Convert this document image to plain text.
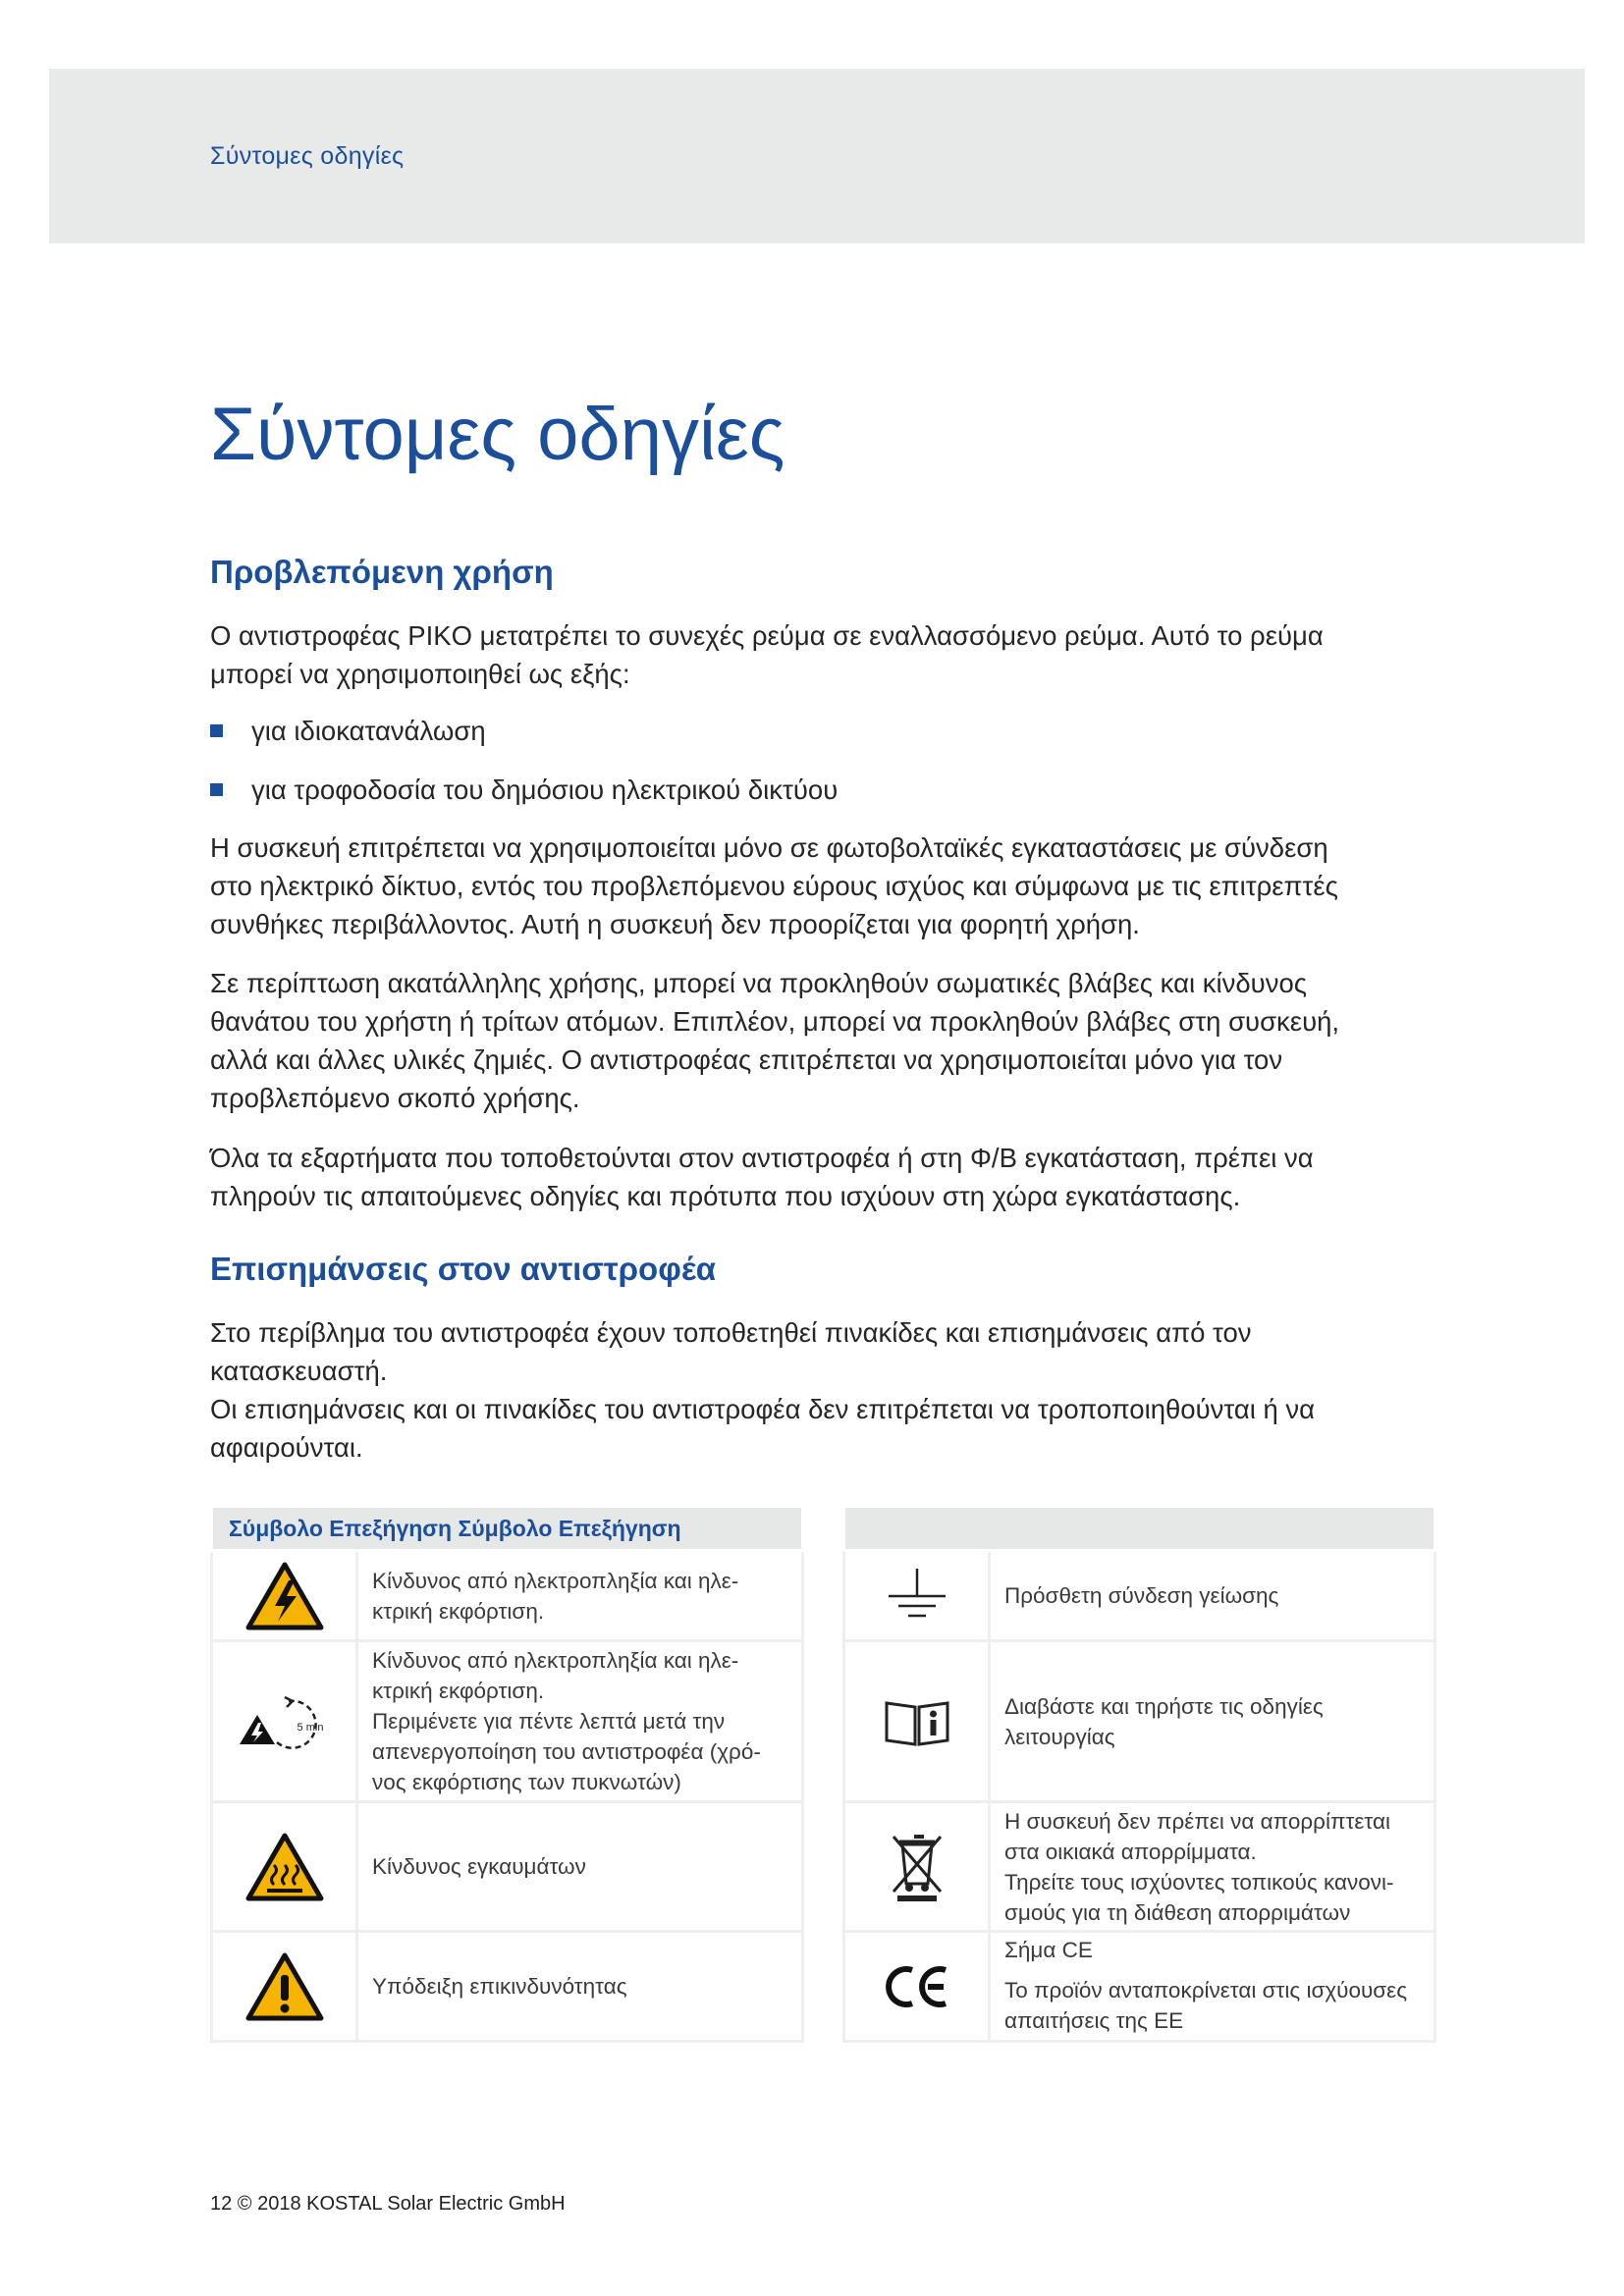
Σύντομες οδηγίες
Σύντομες οδηγίες
Προβλεπόμενη χρήση

Ο αντιστροφέας PIKO μετατρέπει το συνεχές ρεύμα σε εναλλασσόμενο ρεύμα. Αυτό το ρεύμα
μπορεί να χρησιμοποιηθεί ως εξής:

για ιδιοκατανάλωση
για τροφοδοσία του δημόσιου ηλεκτρικού δικτύου

Η συσκευή επιτρέπεται να χρησιμοποιείται μόνο σε φωτοβολταϊκές εγκαταστάσεις με σύνδεση
στο ηλεκτρικό δίκτυο, εντός του προβλεπόμενου εύρους ισχύος και σύμφωνα με τις επιτρεπτές
συνθήκες περιβάλλοντος. Αυτή η συσκευή δεν προορίζεται για φορητή χρήση.

Σε περίπτωση ακατάλληλης χρήσης, μπορεί να προκληθούν σωματικές βλάβες και κίνδυνος
θανάτου του χρήστη ή τρίτων ατόμων. Επιπλέον, μπορεί να προκληθούν βλάβες στη συσκευή,
αλλά και άλλες υλικές ζημιές. Ο αντιστροφέας επιτρέπεται να χρησιμοποιείται μόνο για τον
προβλεπόμενο σκοπό χρήσης.

Όλα τα εξαρτήματα που τοποθετούνται στον αντιστροφέα ή στη Φ/Β εγκατάσταση, πρέπει να
πληρούν τις απαιτούμενες οδηγίες και πρότυπα που ισχύουν στη χώρα εγκατάστασης.

Επισημάνσεις στον αντιστροφέα

Στο περίβλημα του αντιστροφέα έχουν τοποθετηθεί πινακίδες και επισημάνσεις από τον
κατασκευαστή.
Οι επισημάνσεις και οι πινακίδες του αντιστροφέα δεν επιτρέπεται να τροποποιηθούνται ή να
αφαιρούνται.

Σύμβολο Επεξήγηση Σύμβολο Επεξήγηση	

Κίνδυνος από ηλεκτροπληξία και ηλε-
κτρική εκφόρτιση.

5 min	Κίνδυνος από ηλεκτροπληξία και ηλε-
κτρική εκφόρτιση.
Περιμένετε για πέντε λεπτά μετά την
απενεργοποίηση του αντιστροφέα (χρό-
νος εκφόρτισης των πυκνωτών)

Κίνδυνος εγκαυμάτων

Υπόδειξη επικινδυνότητας

Πρόσθετη σύνδεση γείωσης

Διαβάστε και τηρήστε τις οδηγίες
λειτουργίας

Η συσκευή δεν πρέπει να απορρίπτεται
στα οικιακά απορρίμματα.
Τηρείτε τους ισχύοντες τοπικούς κανονι-
σμούς για τη διάθεση απορριμάτων

Σήμα CE
Το προϊόν ανταποκρίνεται στις ισχύουσες
απαιτήσεις της ΕΕ
12 © 2018 KOSTAL Solar Electric GmbH
